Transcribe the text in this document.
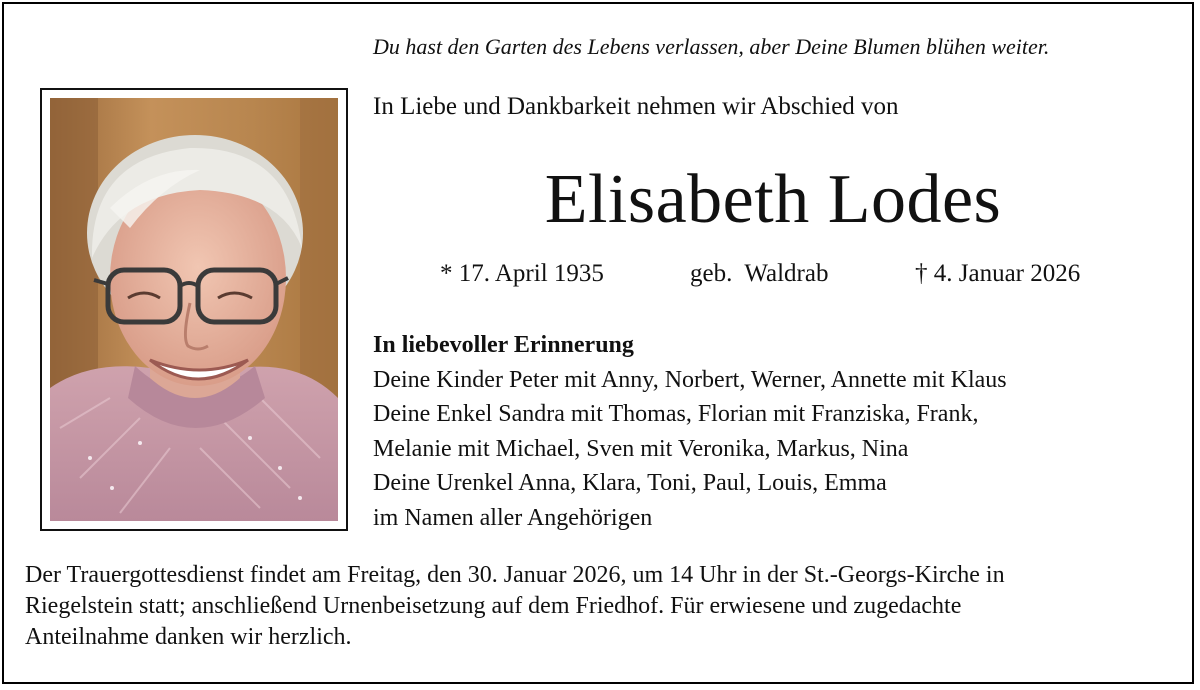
Du hast den Garten des Lebens verlassen, aber Deine Blumen blühen weiter.
In Liebe und Dankbarkeit nehmen wir Abschied von
Elisabeth Lodes
* 17. April 1935	geb.  Waldrab	† 4. Januar 2026
In liebevoller Erinnerung
Deine Kinder Peter mit Anny, Norbert, Werner, Annette mit Klaus
Deine Enkel Sandra mit Thomas, Florian mit Franziska, Frank,
Melanie mit Michael, Sven mit Veronika, Markus, Nina
Deine Urenkel Anna, Klara, Toni, Paul, Louis, Emma
im Namen aller Angehörigen
Der Trauergottesdienst findet am Freitag, den 30. Januar 2026, um 14 Uhr in der St.-Georgs-Kirche in
Riegelstein statt; anschließend Urnenbeisetzung auf dem Friedhof. Für erwiesene und zugedachte
Anteilnahme danken wir herzlich.
